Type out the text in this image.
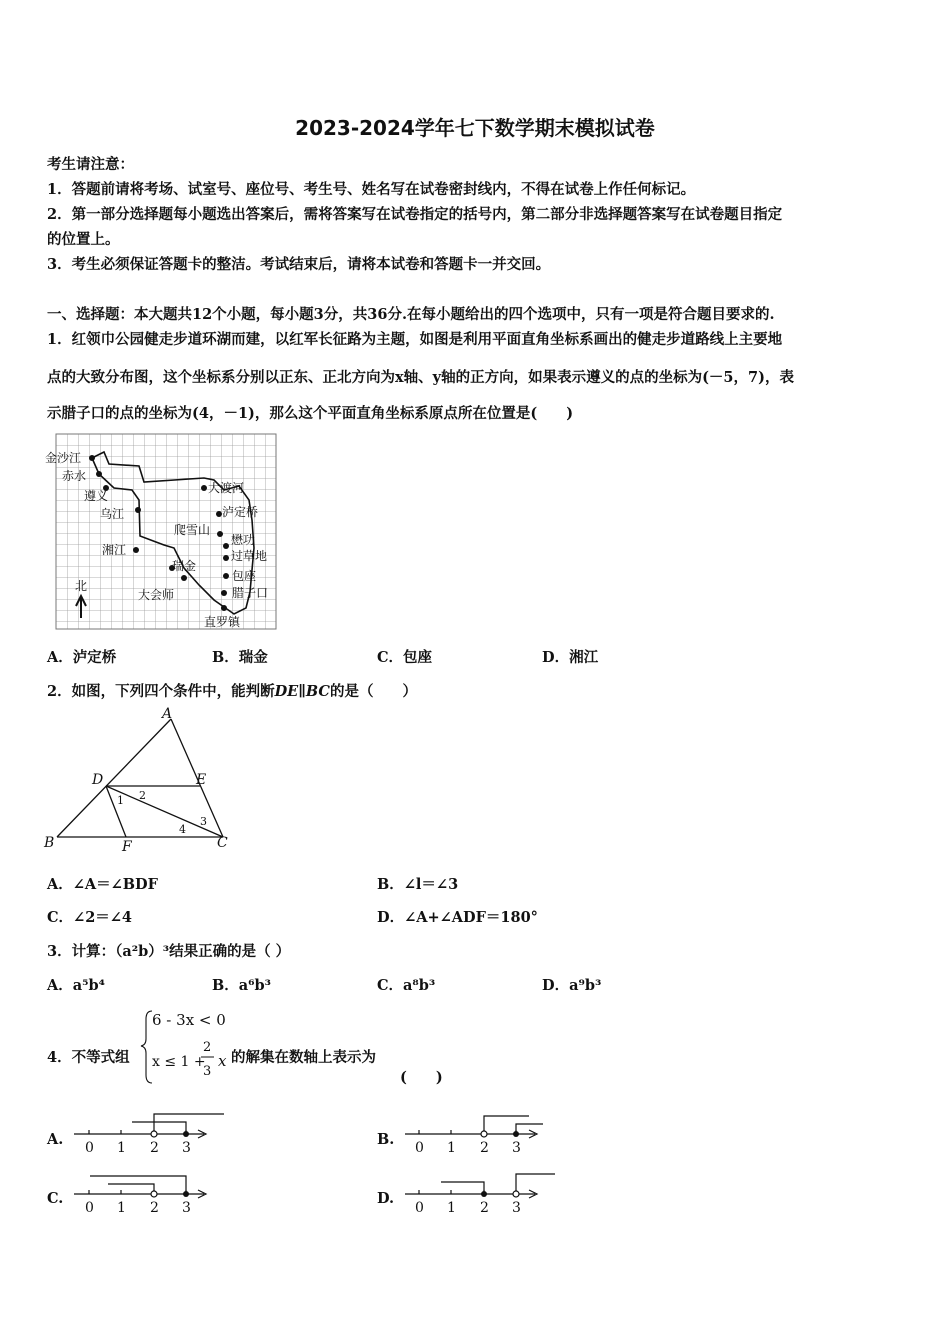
2023-2024学年七下数学期末模拟试卷
考生请注意：
1．答题前请将考场、试室号、座位号、考生号、姓名写在试卷密封线内，不得在试卷上作任何标记。
2．第一部分选择题每小题选出答案后，需将答案写在试卷指定的括号内，第二部分非选择题答案写在试卷题目指定
的位置上。
3．考生必须保证答题卡的整洁。考试结束后，请将本试卷和答题卡一并交回。
一、选择题：本大题共12个小题，每小题3分，共36分.在每小题给出的四个选项中，只有一项是符合题目要求的.
1．红领巾公园健走步道环湖而建，以红军长征路为主题，如图是利用平面直角坐标系画出的健走步道路线上主要地
点的大致分布图，这个坐标系分别以正东、正北方向为x轴、y轴的正方向，如果表示遵义的点的坐标为(－5，7)，表
示腊子口的点的坐标为(4，－1)，那么这个平面直角坐标系原点所在位置是(　　)
金沙江
赤水
遵义
乌江
湘江
大会师
瑞金
大渡河
泸定桥
爬雪山
懋功
过草地
包座
腊子口
直罗镇
北
A．泸定桥	B．瑞金	C．包座	D．湘江
2．如图，下列四个条件中，能判断DE∥BC的是（　　）
A
D	E
B	F	C
1 2
3
4
A．∠A＝∠BDF	B．∠l＝∠3
C．∠2＝∠4	D．∠A+∠ADF＝180°
3．计算：（a²b）³结果正确的是（ ）
A．a⁵b⁴	B．a⁶b³	C．a⁸b³	D．a⁹b³
4．不等式组
6 - 3x < 0
x ≤ 1 +
2
3
x 的解集在数轴上表示为
(　　)
A. 0 1 2 3	B. 0 1 2 3
C.
0 1 2 3
D.
0 1 2 3
